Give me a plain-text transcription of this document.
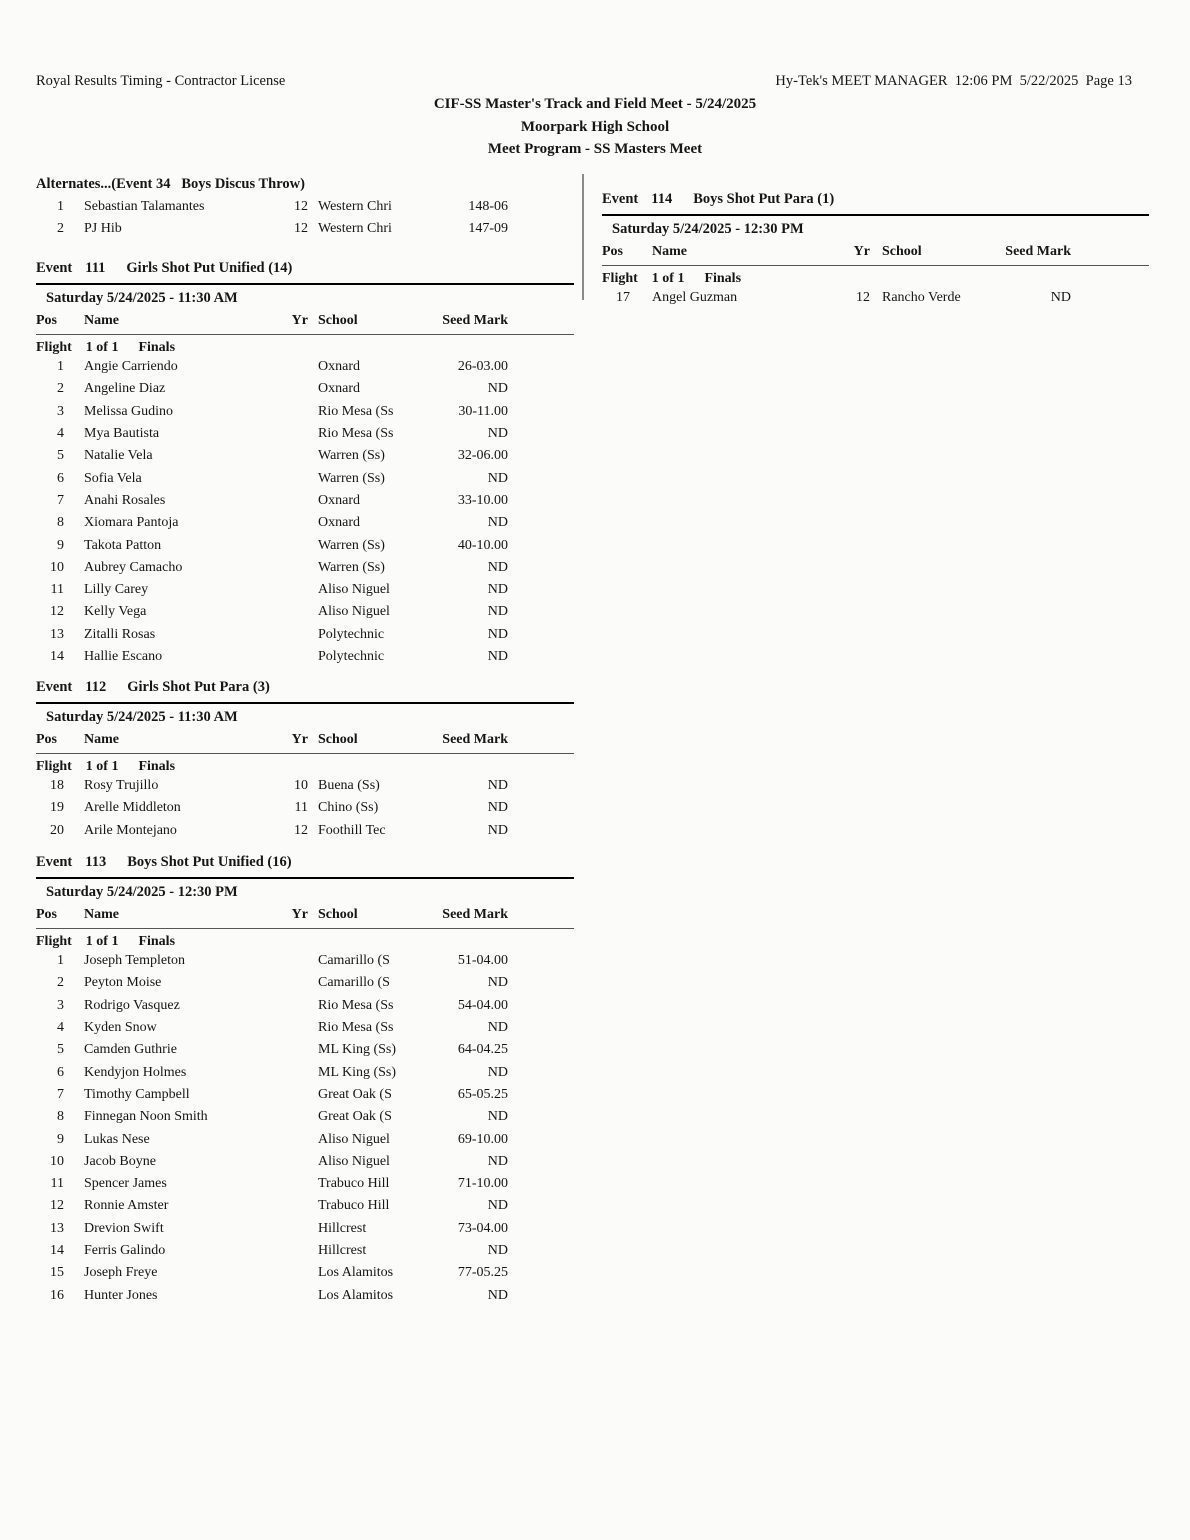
Royal Results Timing - Contractor License	Hy-Tek's MEET MANAGER  12:06 PM  5/22/2025  Page 13
CIF-SS Master's Track and Field Meet - 5/24/2025
Moorpark High School
Meet Program - SS Masters Meet
Alternates...(Event 34   Boys Discus Throw)
1 Sebastian Talamantes	12 Western Chri	148-06
2 PJ Hib	12 Western Chri	147-09
Event 111 Girls Shot Put Unified (14)
Saturday 5/24/2025 - 11:30 AM
Pos	Name	Yr School	Seed Mark
Flight 1 of 1 Finals
1 Angie Carriendo	Oxnard	26-03.00
2 Angeline Diaz	Oxnard	ND
3 Melissa Gudino	Rio Mesa (Ss	30-11.00
4 Mya Bautista	Rio Mesa (Ss	ND
5 Natalie Vela	Warren (Ss)	32-06.00
6 Sofia Vela	Warren (Ss)	ND
7 Anahi Rosales	Oxnard	33-10.00
8 Xiomara Pantoja	Oxnard	ND
9 Takota Patton	Warren (Ss)	40-10.00
10 Aubrey Camacho	Warren (Ss)	ND
11 Lilly Carey	Aliso Niguel	ND
12 Kelly Vega	Aliso Niguel	ND
13 Zitalli Rosas	Polytechnic	ND
14 Hallie Escano	Polytechnic	ND
Event 112 Girls Shot Put Para (3)
Saturday 5/24/2025 - 11:30 AM
Pos	Name	Yr School	Seed Mark
Flight 1 of 1 Finals
18 Rosy Trujillo	10 Buena (Ss)	ND
19 Arelle Middleton	11 Chino (Ss)	ND
20 Arile Montejano	12 Foothill Tec	ND
Event 113 Boys Shot Put Unified (16)
Saturday 5/24/2025 - 12:30 PM
Pos	Name	Yr School	Seed Mark
Flight 1 of 1 Finals
1 Joseph Templeton	Camarillo (S	51-04.00
2 Peyton Moise	Camarillo (S	ND
3 Rodrigo Vasquez	Rio Mesa (Ss	54-04.00
4 Kyden Snow	Rio Mesa (Ss	ND
5 Camden Guthrie	ML King (Ss)	64-04.25
6 Kendyjon Holmes	ML King (Ss)	ND
7 Timothy Campbell	Great Oak (S	65-05.25
8 Finnegan Noon Smith	Great Oak (S	ND
9 Lukas Nese	Aliso Niguel	69-10.00
10 Jacob Boyne	Aliso Niguel	ND
11 Spencer James	Trabuco Hill	71-10.00
12 Ronnie Amster	Trabuco Hill	ND
13 Drevion Swift	Hillcrest	73-04.00
14 Ferris Galindo	Hillcrest	ND
15 Joseph Freye	Los Alamitos	77-05.25
16 Hunter Jones	Los Alamitos	ND
Event 114 Boys Shot Put Para (1)
Saturday 5/24/2025 - 12:30 PM
Pos	Name	Yr School	Seed Mark
Flight 1 of 1 Finals
17 Angel Guzman	12 Rancho Verde	ND
